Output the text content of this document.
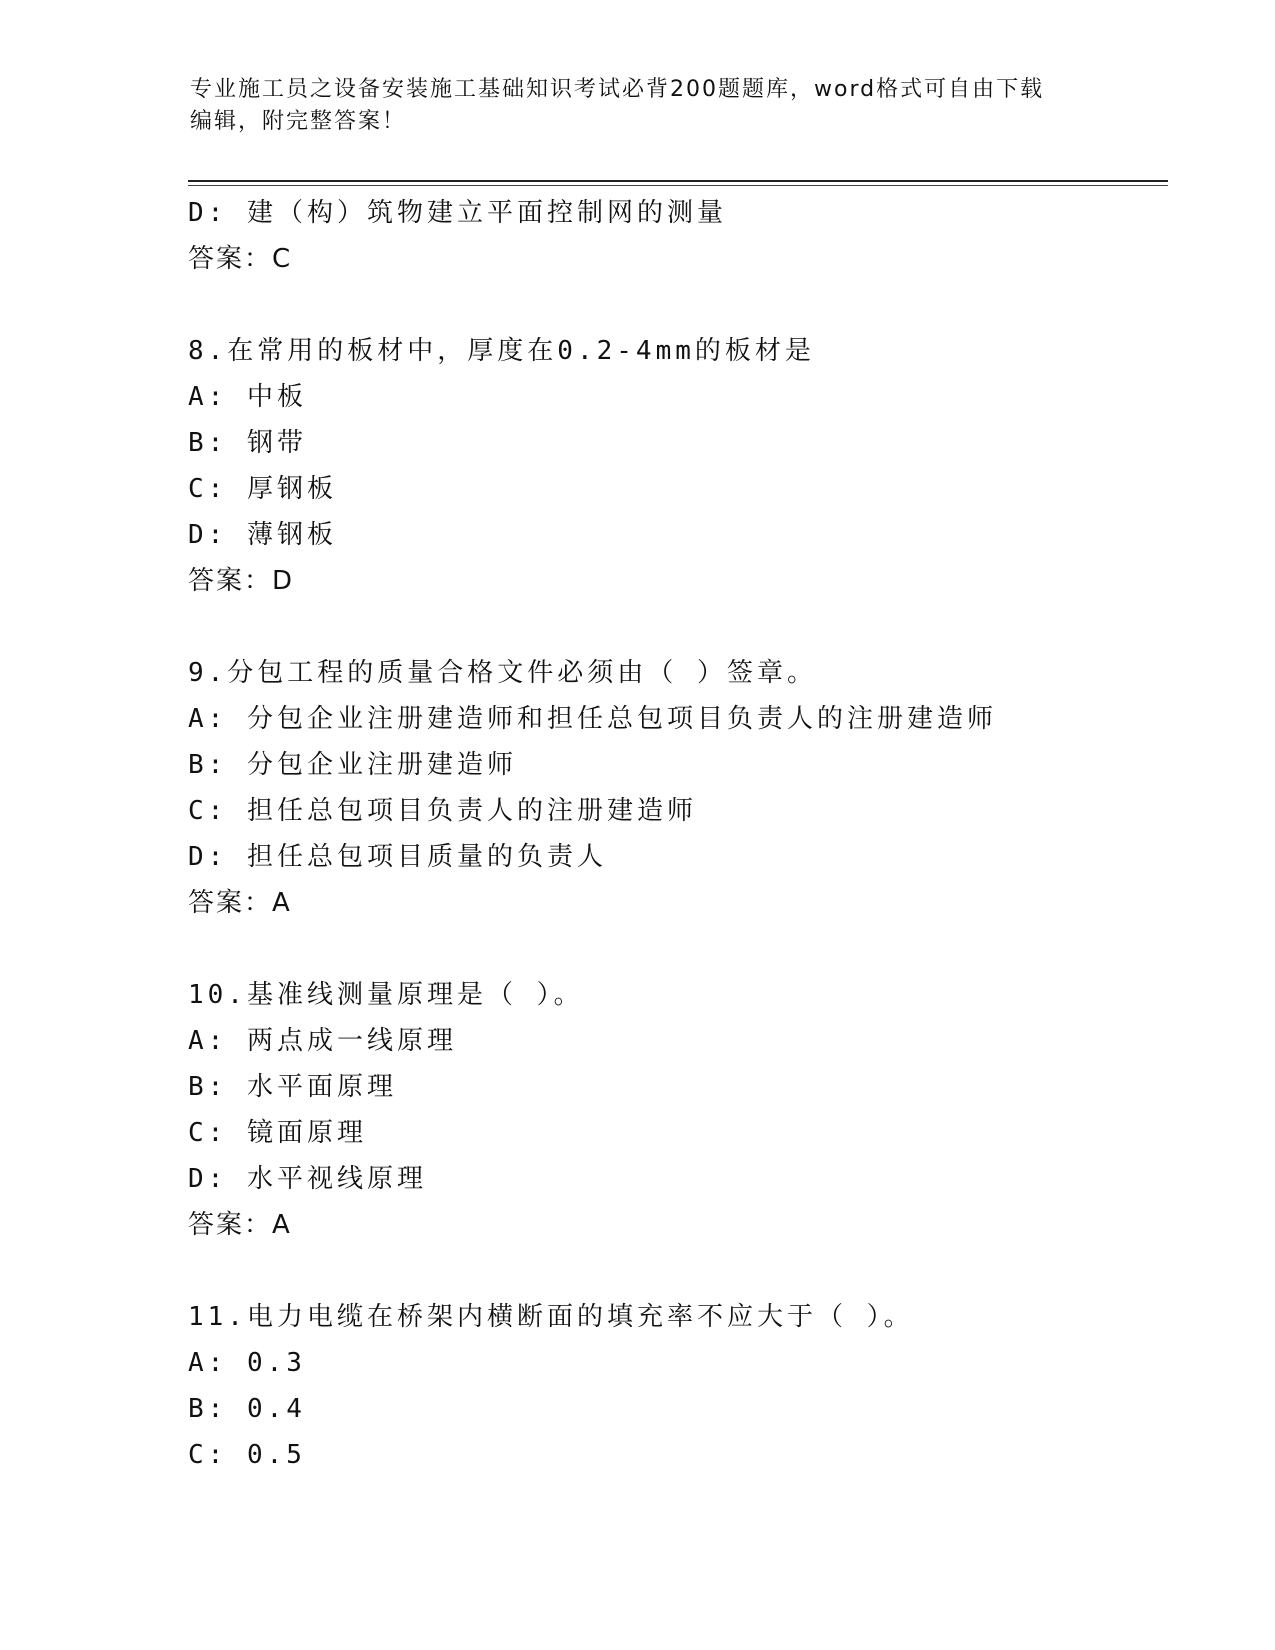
专业施工员之设备安装施工基础知识考试必背200题题库，word格式可自由下载
编辑，附完整答案！
D: 建（构）筑物建立平面控制网的测量
答案：C
8.在常用的板材中，厚度在0.2-4mm的板材是
A: 中板
B: 钢带
C: 厚钢板
D: 薄钢板
答案：D
9.分包工程的质量合格文件必须由（ ）签章。
A: 分包企业注册建造师和担任总包项目负责人的注册建造师
B: 分包企业注册建造师
C: 担任总包项目负责人的注册建造师
D: 担任总包项目质量的负责人
答案：A
10.基准线测量原理是（ ）。
A: 两点成一线原理
B: 水平面原理
C: 镜面原理
D: 水平视线原理
答案：A
11.电力电缆在桥架内横断面的填充率不应大于（ ）。
A: 0.3
B: 0.4
C: 0.5
